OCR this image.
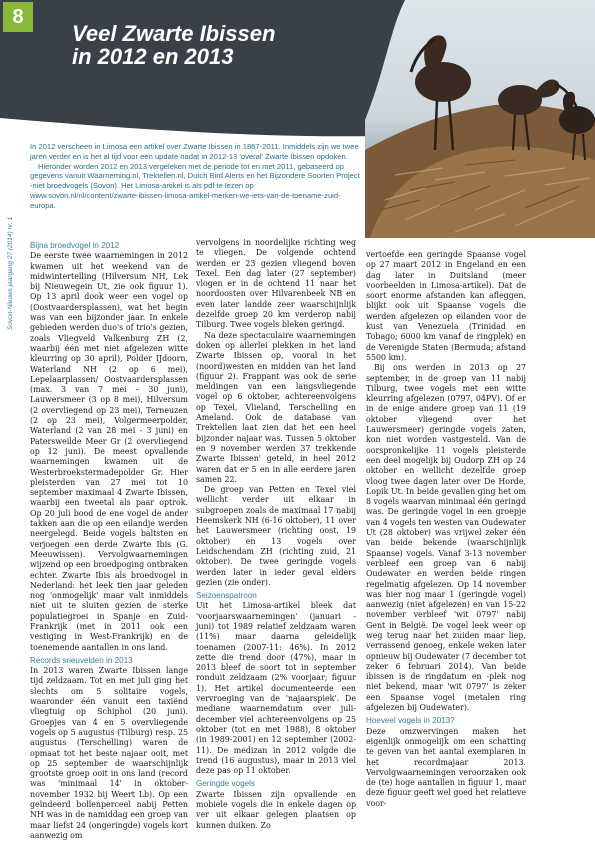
8
Veel Zwarte Ibissen
in 2012 en 2013
Sovon-Nieuws jaargang 27 (2014) nr. 1

In 2012 verscheen in Limosa een artikel over Zwarte Ibissen in 1867-2011. Inmiddels zijn we twee jaren verder en is het al tijd voor een update nadat in 2012-13 'overal' Zwarte Ibissen opdoken.

Hieronder worden 2012 en 2013 vergeleken met de periode tot en met 2011, gebaseerd op gegevens vanuit Waarneming.nl, Trektellen.nl, Dutch Bird Alerts en het Bijzondere Soorten Project -niet broedvogels (Sovon). Het Limosa-artikel is als pdf te lezen op www.sovon.nl/nl/content/zwarte-ibissen-limosa-artikel-merken-we-iets-van-de-toename-zuid-europa.

Bijna broedvogel in 2012

De eerste twee waarnemingen in 2012 kwamen uit het weekend van de midwintertelling (Hilversum NH, Lek bij Nieuwegein Ut, zie ook figuur 1). Op 13 april dook weer een vogel op (Oostvaardersplassen), wat het begin was van een bijzonder jaar. In enkele gebieden werden duo's of trio's gezien, zoals Vliegveld Valkenburg ZH (2, waarbij één met niet afgelezen witte kleurring op 30 april), Polder IJdoorn, Waterland NH (2 op 6 mei), Lepelaarplassen/ Oostvaardersplassen (max. 3 van 7 mei – 30 juni), Lauwersmeer (3 op 8 mei), Hilversum (2 overvliegend op 23 mei), Terneuzen (2 op 23 mei), Volgermeerpolder, Waterland (2 van 28 mei - 3 juni) en Patersweilde Meer Gr (2 overvliegend op 12 juni). De meest opvallende waarnemingen kwamen uit de Westerbroekstermadepolder Gr. Hier pleisterden van 27 mei tot 10 september maximaal 4 Zwarte Ibissen, waarbij een tweetal als paar optrok. Op 20 juli bood de ene vogel de ander takken aan die op een eilandje werden neergelegd. Beide vogels baltsten en verjoegen een derde Zwarte Ibis (G. Meeuwissen). Vervolgwaarnemingen wijzend op een broedpoging ontbraken echter. Zwarte Ibis als broedvogel in Nederland: het leek tien jaar geleden nog 'onmogelijk' maar valt inmiddels niet uit te sluiten gezien de sterke populatiegroei in Spanje en Zuid-Frankrijk (met in 2011 ook een vestiging in West-Frankrijk) en de toenemende aantallen in ons land.

Records sneuvelden in 2013

In 2013 waren Zwarte Ibissen lange tijd zeldzaam. Tot en met juli ging het slechts om 5 solitaire vogels, waaronder één vanuit een taxiënd vliegtuig op Schiphol (20 juni). Groepjes van 4 en 5 overvliegende vogels op 5 augustus (Tilburg) resp. 25 augustus (Terschelling) waren de opmaat tot het beste najaar ooit, met op 25 september de waarschijnlijk grootste groep ooit in ons land (record was 'minimaal 14' in oktober-november 1932 bij Weert Lb). Op een geïndeerd bollenperceel nabij Petten NH was in de namiddag een groep van maar liefst 24 (ongeringde) vogels kort aanwezig om

vervolgens in noordelijke richting weg te vliegen. De volgende ochtend werden er 23 gezien vliegend boven Texel. Een dag later (27 september) vlogen er in de ochtend 11 naar het noordoosten over Hilvarenbeek NB en even later landde zeer waarschijnlijk dezelfde groep 20 km verderop nabij Tilburg. Twee vogels bleken geringd.

Na deze spectaculaire waarnemingen doken op allerlei plekken in het land Zwarte Ibissen op, vooral in het (noord)westen en midden van het land (figuur 2). Frappant was ook de serie meldingen van een langsvliegende vogel op 6 oktober, achtereenvolgens op Texel, Vlieland, Terschelling en Ameland. Ook de database van Trektellen laat zien dat het een heel bijzonder najaar was. Tussen 5 oktober en 9 november werden 37 trekkende Zwarte Ibissen' geteld, in heel 2012 waren dat er 5 en in alle eerdere jaren samen 22.

De groep van Petten en Texel viel wellicht verder uit elkaar in subgroepen zoals de maximaal 17 nabij Heemskerk NH (6-16 oktober), 11 over het Lauwersmeer (richting oost, 19 oktober) en 13 vogels over Leidschendam ZH (richting zuid, 21 oktober). De twee geringde vogels werden later in ieder geval elders gezien (zie onder).

Seizoenspatroon

Uit het Limosa-artikel bleek dat 'voorjaarswaarnemingen' (januari - juni) tot 1989 relatief zeldzaam waren (11%) maar daarna geleidelijk toenamen (2007-11: 46%). In 2012 zette die trend door (47%), maar in 2013 bleef de soort tot in september ronduit zeldzaam (2% voorjaar; figuur 1). Het artikel documenteerde een vervroeging van de 'najaarspiek'. De mediane waarnemdatum over juli-december viel achtereenvolgens op 25 oktober (tot en met 1988), 8 oktober (in 1989-2001) en 12 september (2002-11). De medizan in 2012 volgde die trend (16 augustus), maar in 2013 viel deze pas op 11 oktober.

Geringde vogels

Zwarte Ibissen zijn opvallende en mobiele vogels die in enkele dagen op ver uit elkaar gelegen plaatsen op kunnen duiken. Zo

vertoefde een geringde Spaanse vogel op 27 maart 2012 in Engeland en een dag later in Duitsland (meer voorbeelden in Limosa-artikel). Dat de soort enorme afstanden kan afleggen, blijkt ook uit Spaanse vogels die werden afgelezen op eilanden voor de kust van Venezuela (Trinidad en Tobago; 6000 km vanaf de ringplek) en de Verenigde Staten (Bermuda; afstand 5500 km).

Bij ons werden in 2013 op 27 september, in de groep van 11 nabij Tilburg, twee vogels met een witte kleurring afgelezen (0797, 04PV). Of er in de enige andere groep van 11 (19 oktober vliegend over het Lauwersmeer) geringde vogels zaten, kon niet worden vastgesteld. Van de oorspronkelijke 11 vogels pleisterde een deel mogelijk bij Oudorp ZH op 24 oktober en wellicht dezelfde groep vloog twee dagen later over De Horde, Lopik Ut. In beide gevallen ging het om 8 vogels waarvan minimaal één geringd was. De geringde vogel in een groepje van 4 vogels ten westen van Oudewater Ut (28 oktober) was vrijwel zeker één van beide bekende (waarschijnlijk Spaanse) vogels. Vanaf 3-13 november verbleef een groep van 6 nabij Oudewater en werden beide ringen regelmatig afgelezen. Op 14 november was hier nog maar 1 (geringde vogel) aanwezig (niet afgelezen) en van 15-22 november verbleef 'wit 0797' nabij Gent in België. De vogel leek weer op weg terug naar het zuiden maar liep, verrassend genoeg, enkele weken later opnieuw bij Oudewater (7 december tot zeker 6 februari 2014). Van beide ibissen is de ringdatum en -plek nog niet bekend, maar 'wit 0797' is zeker een Spaanse vogel (metalen ring afgelezen bij Oudewater).

Hoeveel vogels in 2013?

Deze omzwervingen maken het eigenlijk onmogelijk om een schatting te geven van het aantal exemplaren in het recordmajaar 2013. Vervolgwaarnemingen veroorzaken ook de (te) hoge aantallen in figuur 1, maar deze figuur geeft wel goed het relatieve voor-
